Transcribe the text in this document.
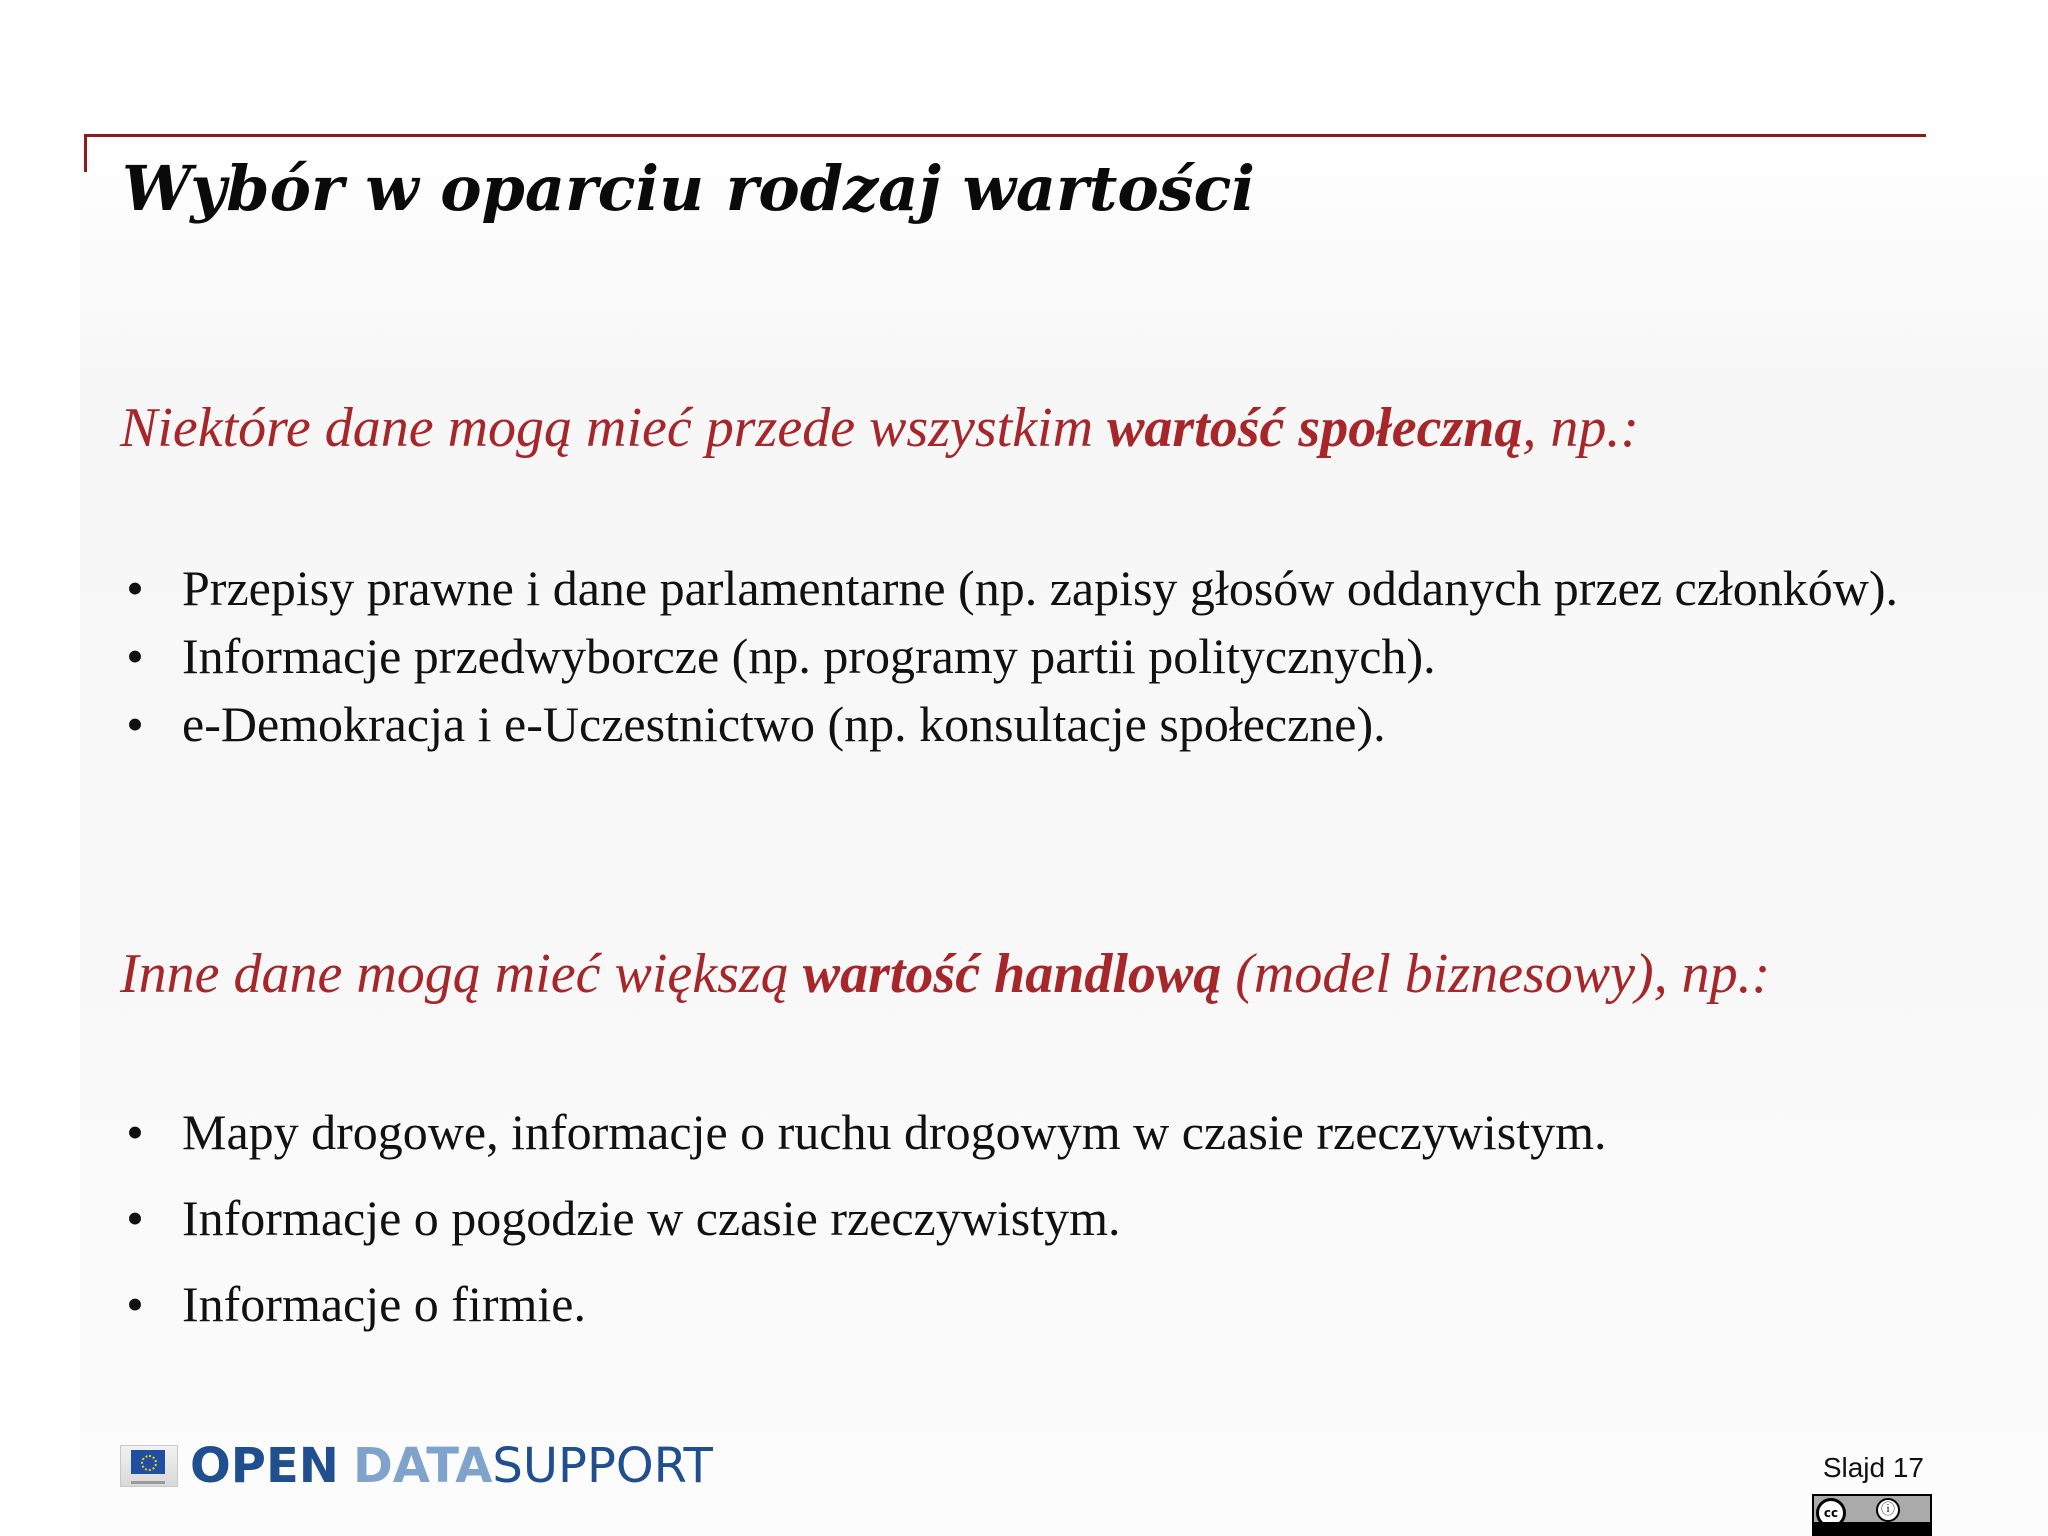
Wybór w oparciu rodzaj wartości

Niektóre dane mogą mieć przede wszystkim wartość społeczną, np.:

• Przepisy prawne i dane parlamentarne (np. zapisy głosów oddanych przez członków).
• Informacje przedwyborcze (np. programy partii politycznych).
• e-Demokracja i e-Uczestnictwo (np. konsultacje społeczne).

Inne dane mogą mieć większą wartość handlową (model biznesowy), np.:

• Mapy drogowe, informacje o ruchu drogowym w czasie rzeczywistym.
• Informacje o pogodzie w czasie rzeczywistym.
• Informacje o firmie.
OPEN DATA SUPPORT	Slajd 17
cc	ⓘ
